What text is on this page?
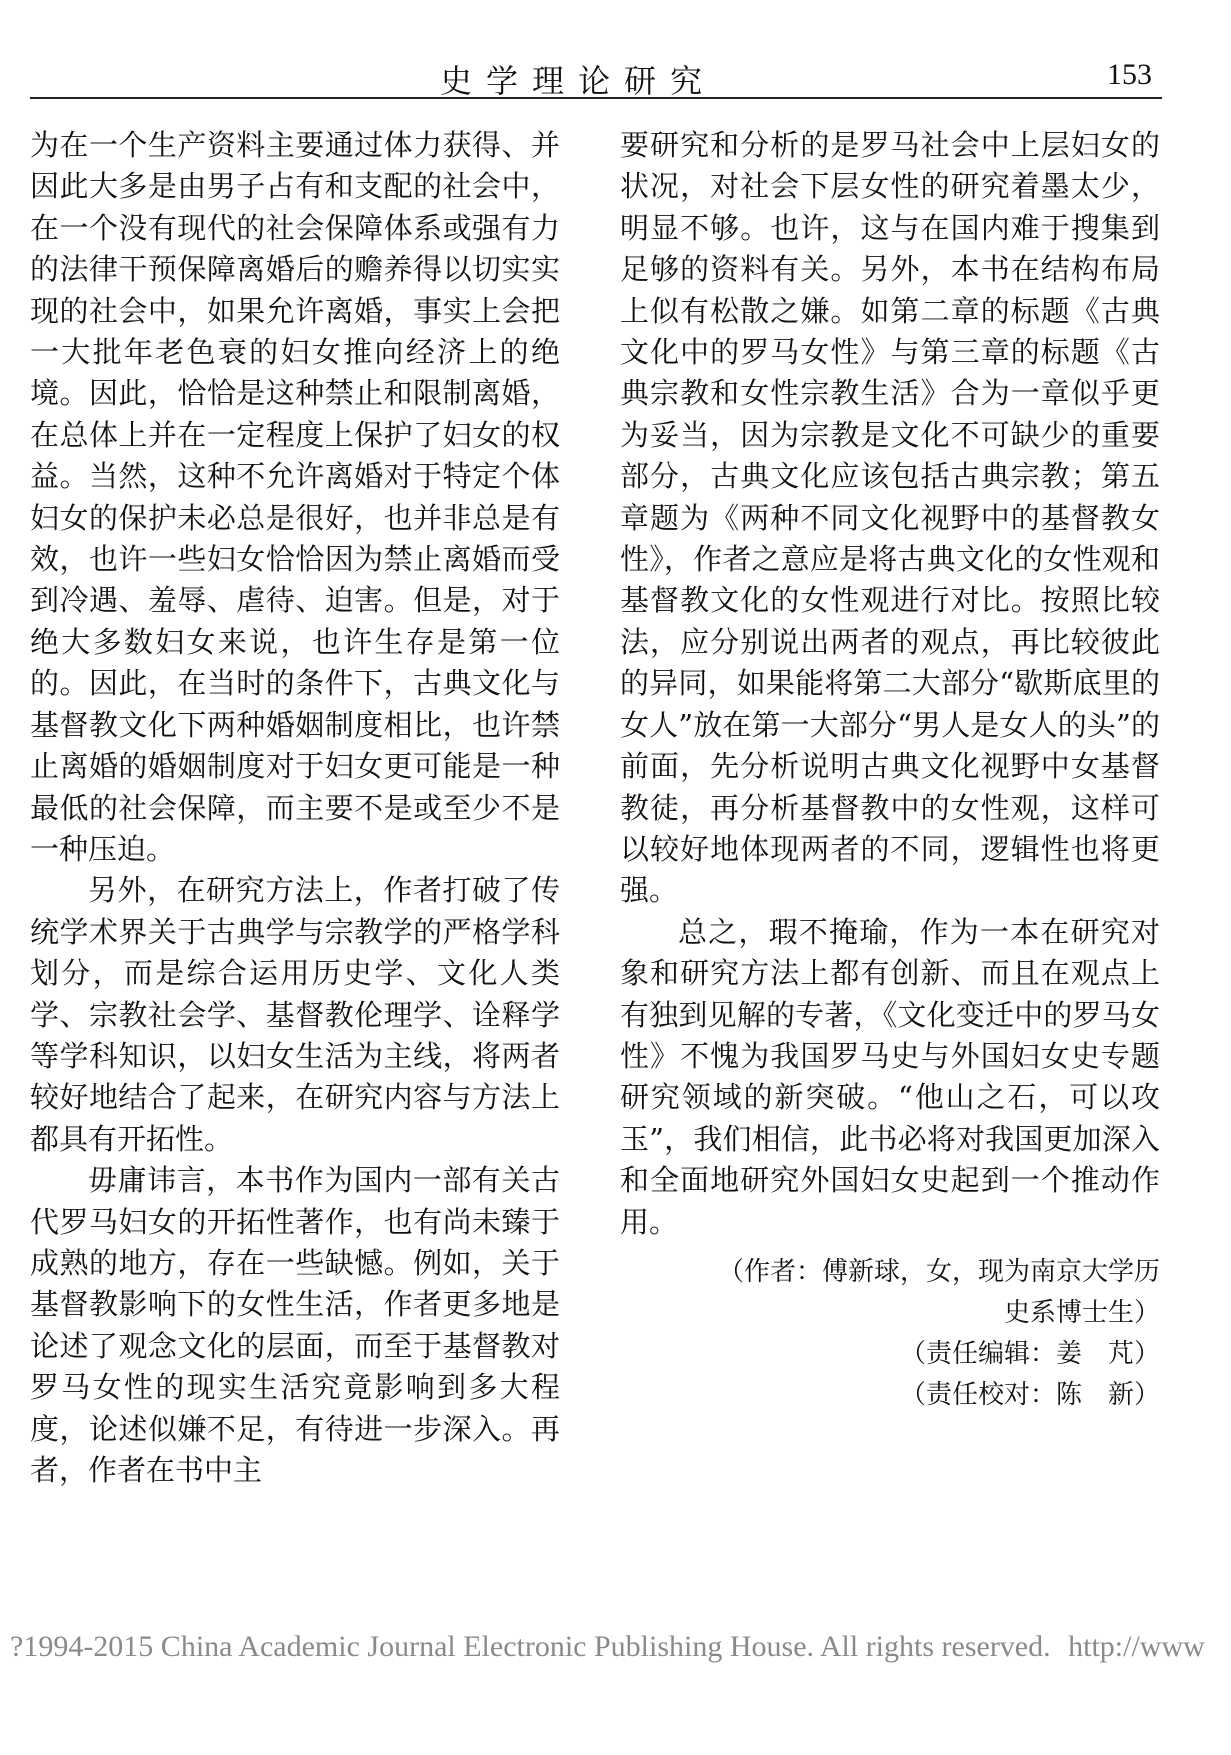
史学理论研究	153

为在一个生产资料主要通过体力获得、并因此大多是由男子占有和支配的社会中，在一个没有现代的社会保障体系或强有力的法律干预保障离婚后的赡养得以切实实现的社会中，如果允许离婚，事实上会把一大批年老色衰的妇女推向经济上的绝境。因此，恰恰是这种禁止和限制离婚，在总体上并在一定程度上保护了妇女的权益。当然，这种不允许离婚对于特定个体妇女的保护未必总是很好，也并非总是有效，也许一些妇女恰恰因为禁止离婚而受到冷遇、羞辱、虐待、迫害。但是，对于绝大多数妇女来说，也许生存是第一位的。因此，在当时的条件下，古典文化与基督教文化下两种婚姻制度相比，也许禁止离婚的婚姻制度对于妇女更可能是一种最低的社会保障，而主要不是或至少不是一种压迫。

另外，在研究方法上，作者打破了传统学术界关于古典学与宗教学的严格学科划分，而是综合运用历史学、文化人类学、宗教社会学、基督教伦理学、诠释学等学科知识，以妇女生活为主线，将两者较好地结合了起来，在研究内容与方法上都具有开拓性。

毋庸讳言，本书作为国内一部有关古代罗马妇女的开拓性著作，也有尚未臻于成熟的地方，存在一些缺憾。例如，关于基督教影响下的女性生活，作者更多地是论述了观念文化的层面，而至于基督教对罗马女性的现实生活究竟影响到多大程度，论述似嫌不足，有待进一步深入。再者，作者在书中主

要研究和分析的是罗马社会中上层妇女的状况，对社会下层女性的研究着墨太少，明显不够。也许，这与在国内难于搜集到足够的资料有关。另外，本书在结构布局上似有松散之嫌。如第二章的标题《古典文化中的罗马女性》与第三章的标题《古典宗教和女性宗教生活》合为一章似乎更为妥当，因为宗教是文化不可缺少的重要部分，古典文化应该包括古典宗教；第五章题为《两种不同文化视野中的基督教女性》，作者之意应是将古典文化的女性观和基督教文化的女性观进行对比。按照比较法，应分别说出两者的观点，再比较彼此的异同，如果能将第二大部分“歇斯底里的女人”放在第一大部分“男人是女人的头”的前面，先分析说明古典文化视野中女基督教徒，再分析基督教中的女性观，这样可以较好地体现两者的不同，逻辑性也将更强。

总之，瑕不掩瑜，作为一本在研究对象和研究方法上都有创新、而且在观点上有独到见解的专著，《文化变迁中的罗马女性》不愧为我国罗马史与外国妇女史专题研究领域的新突破。“他山之石，可以攻玉”，我们相信，此书必将对我国更加深入和全面地研究外国妇女史起到一个推动作用。

（作者：傅新球，女，现为南京大学历史系博士生）
（责任编辑：姜　芃）
（责任校对：陈　新）
?1994-2015 China Academic Journal Electronic Publishing House. All rights reserved. http://www
